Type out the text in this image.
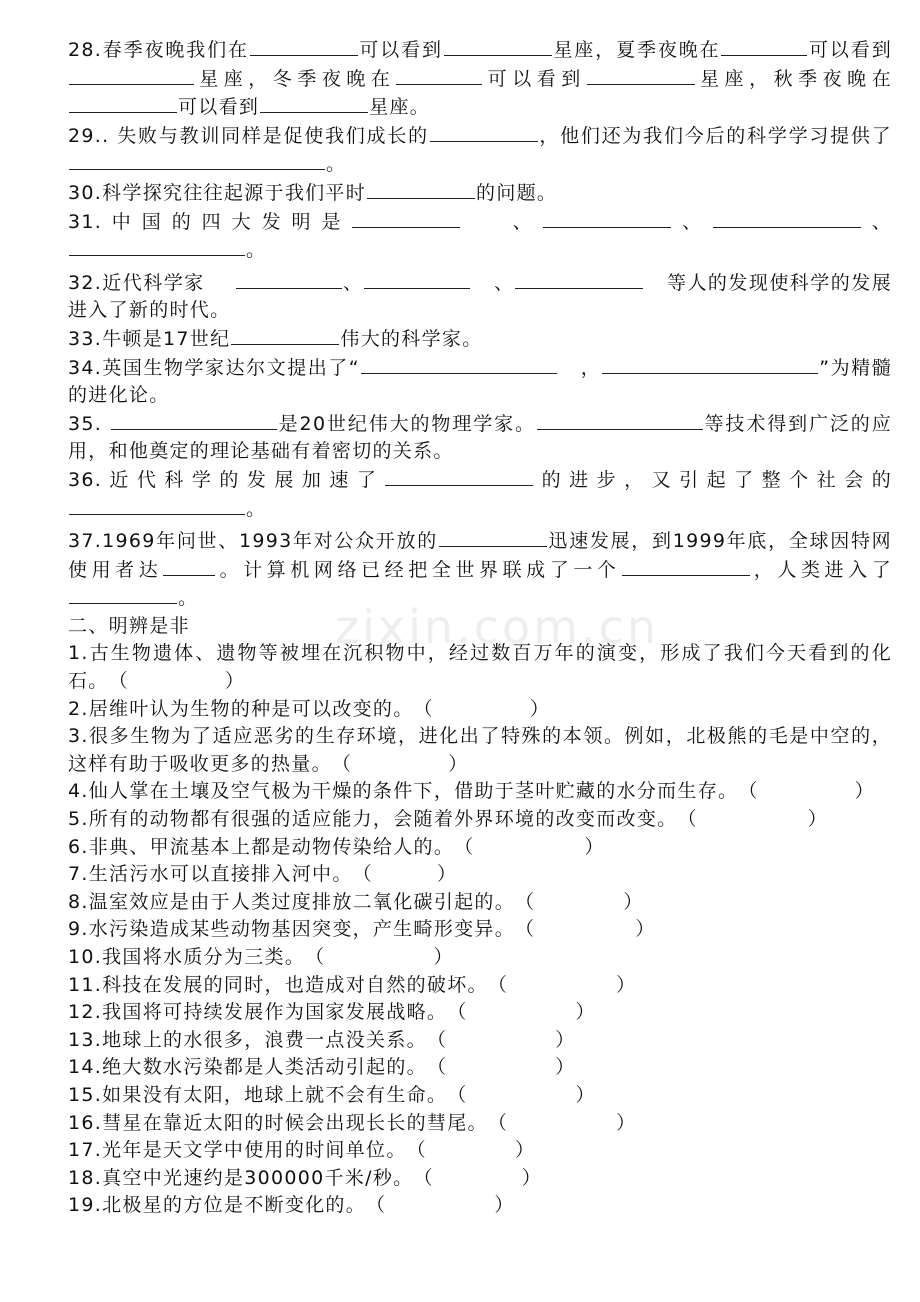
zixin.com.cn

28.春季夜晚我们在	可以看到	星座，夏季夜晚在	可以看到星座，冬季夜晚在	可以看到	星座，秋季夜晚在可以看到	星座。

29.. 失败与教训同样是促使我们成长的	，他们还为我们今后的科学学习提供了。

30.科学探究往往起源于我们平时	的问题。

31.中国的四大发明是	、	、	、。

32.近代科学家	、	、	等人的发现使科学的发展进入了新的时代。

33.牛顿是17世纪	伟大的科学家。

34.英国生物学家达尔文提出了“	，	”为精髓的进化论。

35.	是20世纪伟大的物理学家。	等技术得到广泛的应用，和他奠定的理论基础有着密切的关系。

36.近代科学的发展加速了	的进步，又引起了整个社会的。

37.1969年问世、1993年对公众开放的	迅速发展，到1999年底，全球因特网使用者达	。计算机网络已经把全世界联成了一个	，人类进入了。

二、明辨是非

1.古生物遗体、遗物等被埋在沉积物中，经过数百万年的演变，形成了我们今天看到的化石。（	）

2.居维叶认为生物的种是可以改变的。（	）

3.很多生物为了适应恶劣的生存环境，进化出了特殊的本领。例如，北极熊的毛是中空的，这样有助于吸收更多的热量。（	）

4.仙人掌在土壤及空气极为干燥的条件下，借助于茎叶贮藏的水分而生存。（	）

5.所有的动物都有很强的适应能力，会随着外界环境的改变而改变。（	）

6.非典、甲流基本上都是动物传染给人的。（	）

7.生活污水可以直接排入河中。（	）

8.温室效应是由于人类过度排放二氧化碳引起的。（	）

9.水污染造成某些动物基因突变，产生畸形变异。（	）

10.我国将水质分为三类。（	）

11.科技在发展的同时，也造成对自然的破坏。（	）

12.我国将可持续发展作为国家发展战略。（	）

13.地球上的水很多，浪费一点没关系。（	）

14.绝大数水污染都是人类活动引起的。（	）

15.如果没有太阳，地球上就不会有生命。（	）

16.彗星在靠近太阳的时候会出现长长的彗尾。（	）

17.光年是天文学中使用的时间单位。（	）

18.真空中光速约是300000千米/秒。（	）

19.北极星的方位是不断变化的。（	）
